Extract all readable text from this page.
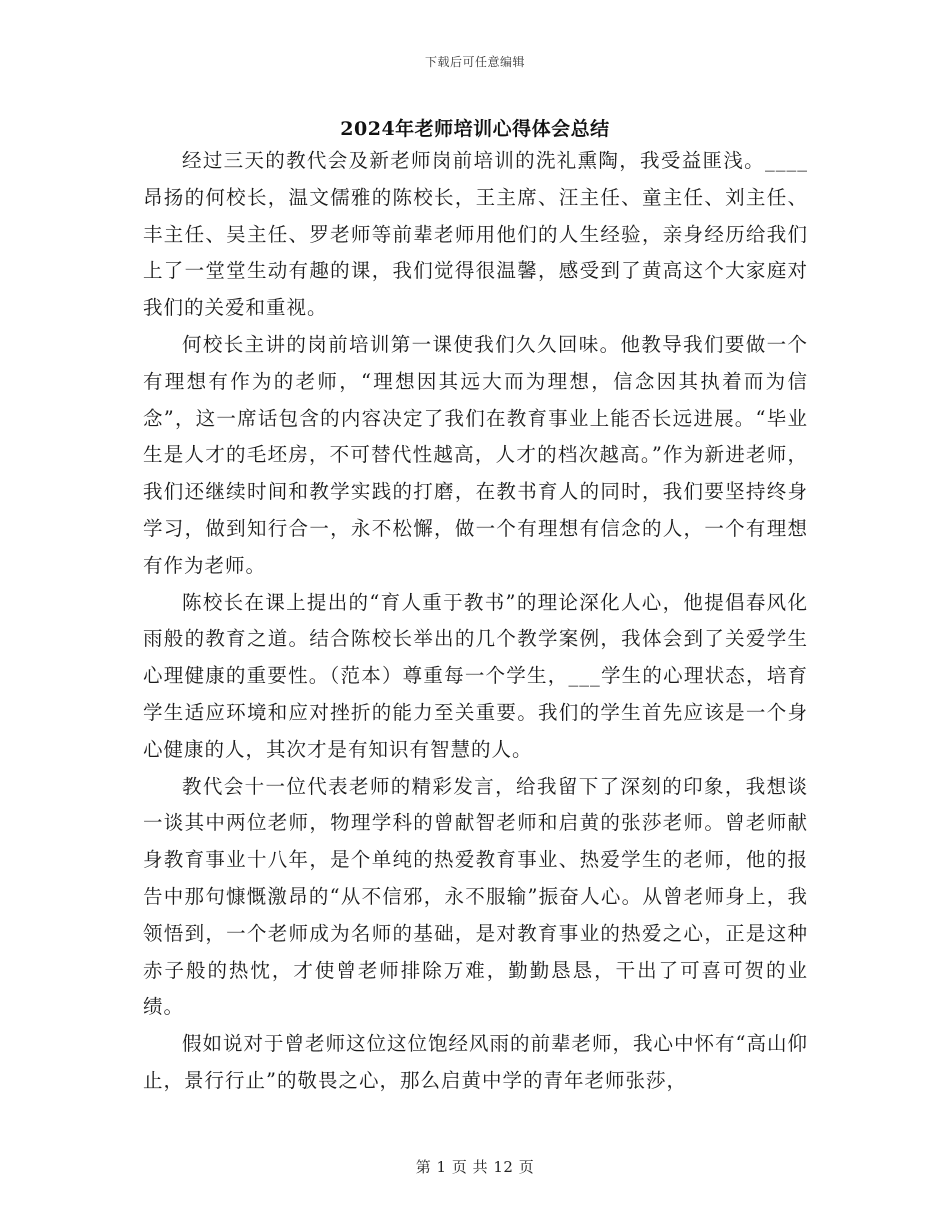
下载后可任意编辑
2024年老师培训心得体会总结

经过三天的教代会及新老师岗前培训的洗礼熏陶，我受益匪浅。____昂扬的何校长，温文儒雅的陈校长，王主席、汪主任、童主任、刘主任、丰主任、吴主任、罗老师等前辈老师用他们的人生经验，亲身经历给我们上了一堂堂生动有趣的课，我们觉得很温馨，感受到了黄高这个大家庭对我们的关爱和重视。

何校长主讲的岗前培训第一课使我们久久回味。他教导我们要做一个有理想有作为的老师，“理想因其远大而为理想，信念因其执着而为信念”，这一席话包含的内容决定了我们在教育事业上能否长远进展。“毕业生是人才的毛坯房，不可替代性越高，人才的档次越高。”作为新进老师，我们还继续时间和教学实践的打磨，在教书育人的同时，我们要坚持终身学习，做到知行合一，永不松懈，做一个有理想有信念的人，一个有理想有作为老师。

陈校长在课上提出的“育人重于教书”的理论深化人心，他提倡春风化雨般的教育之道。结合陈校长举出的几个教学案例，我体会到了关爱学生心理健康的重要性。（范本）尊重每一个学生，___学生的心理状态，培育学生适应环境和应对挫折的能力至关重要。我们的学生首先应该是一个身心健康的人，其次才是有知识有智慧的人。

教代会十一位代表老师的精彩发言，给我留下了深刻的印象，我想谈一谈其中两位老师，物理学科的曾献智老师和启黄的张莎老师。曾老师献身教育事业十八年，是个单纯的热爱教育事业、热爱学生的老师，他的报告中那句慷慨激昂的“从不信邪，永不服输”振奋人心。从曾老师身上，我领悟到，一个老师成为名师的基础，是对教育事业的热爱之心，正是这种赤子般的热忱，才使曾老师排除万难，勤勤恳恳，干出了可喜可贺的业绩。

假如说对于曾老师这位这位饱经风雨的前辈老师，我心中怀有“高山仰止，景行行止”的敬畏之心，那么启黄中学的青年老师张莎，

第 1 页 共 12 页
